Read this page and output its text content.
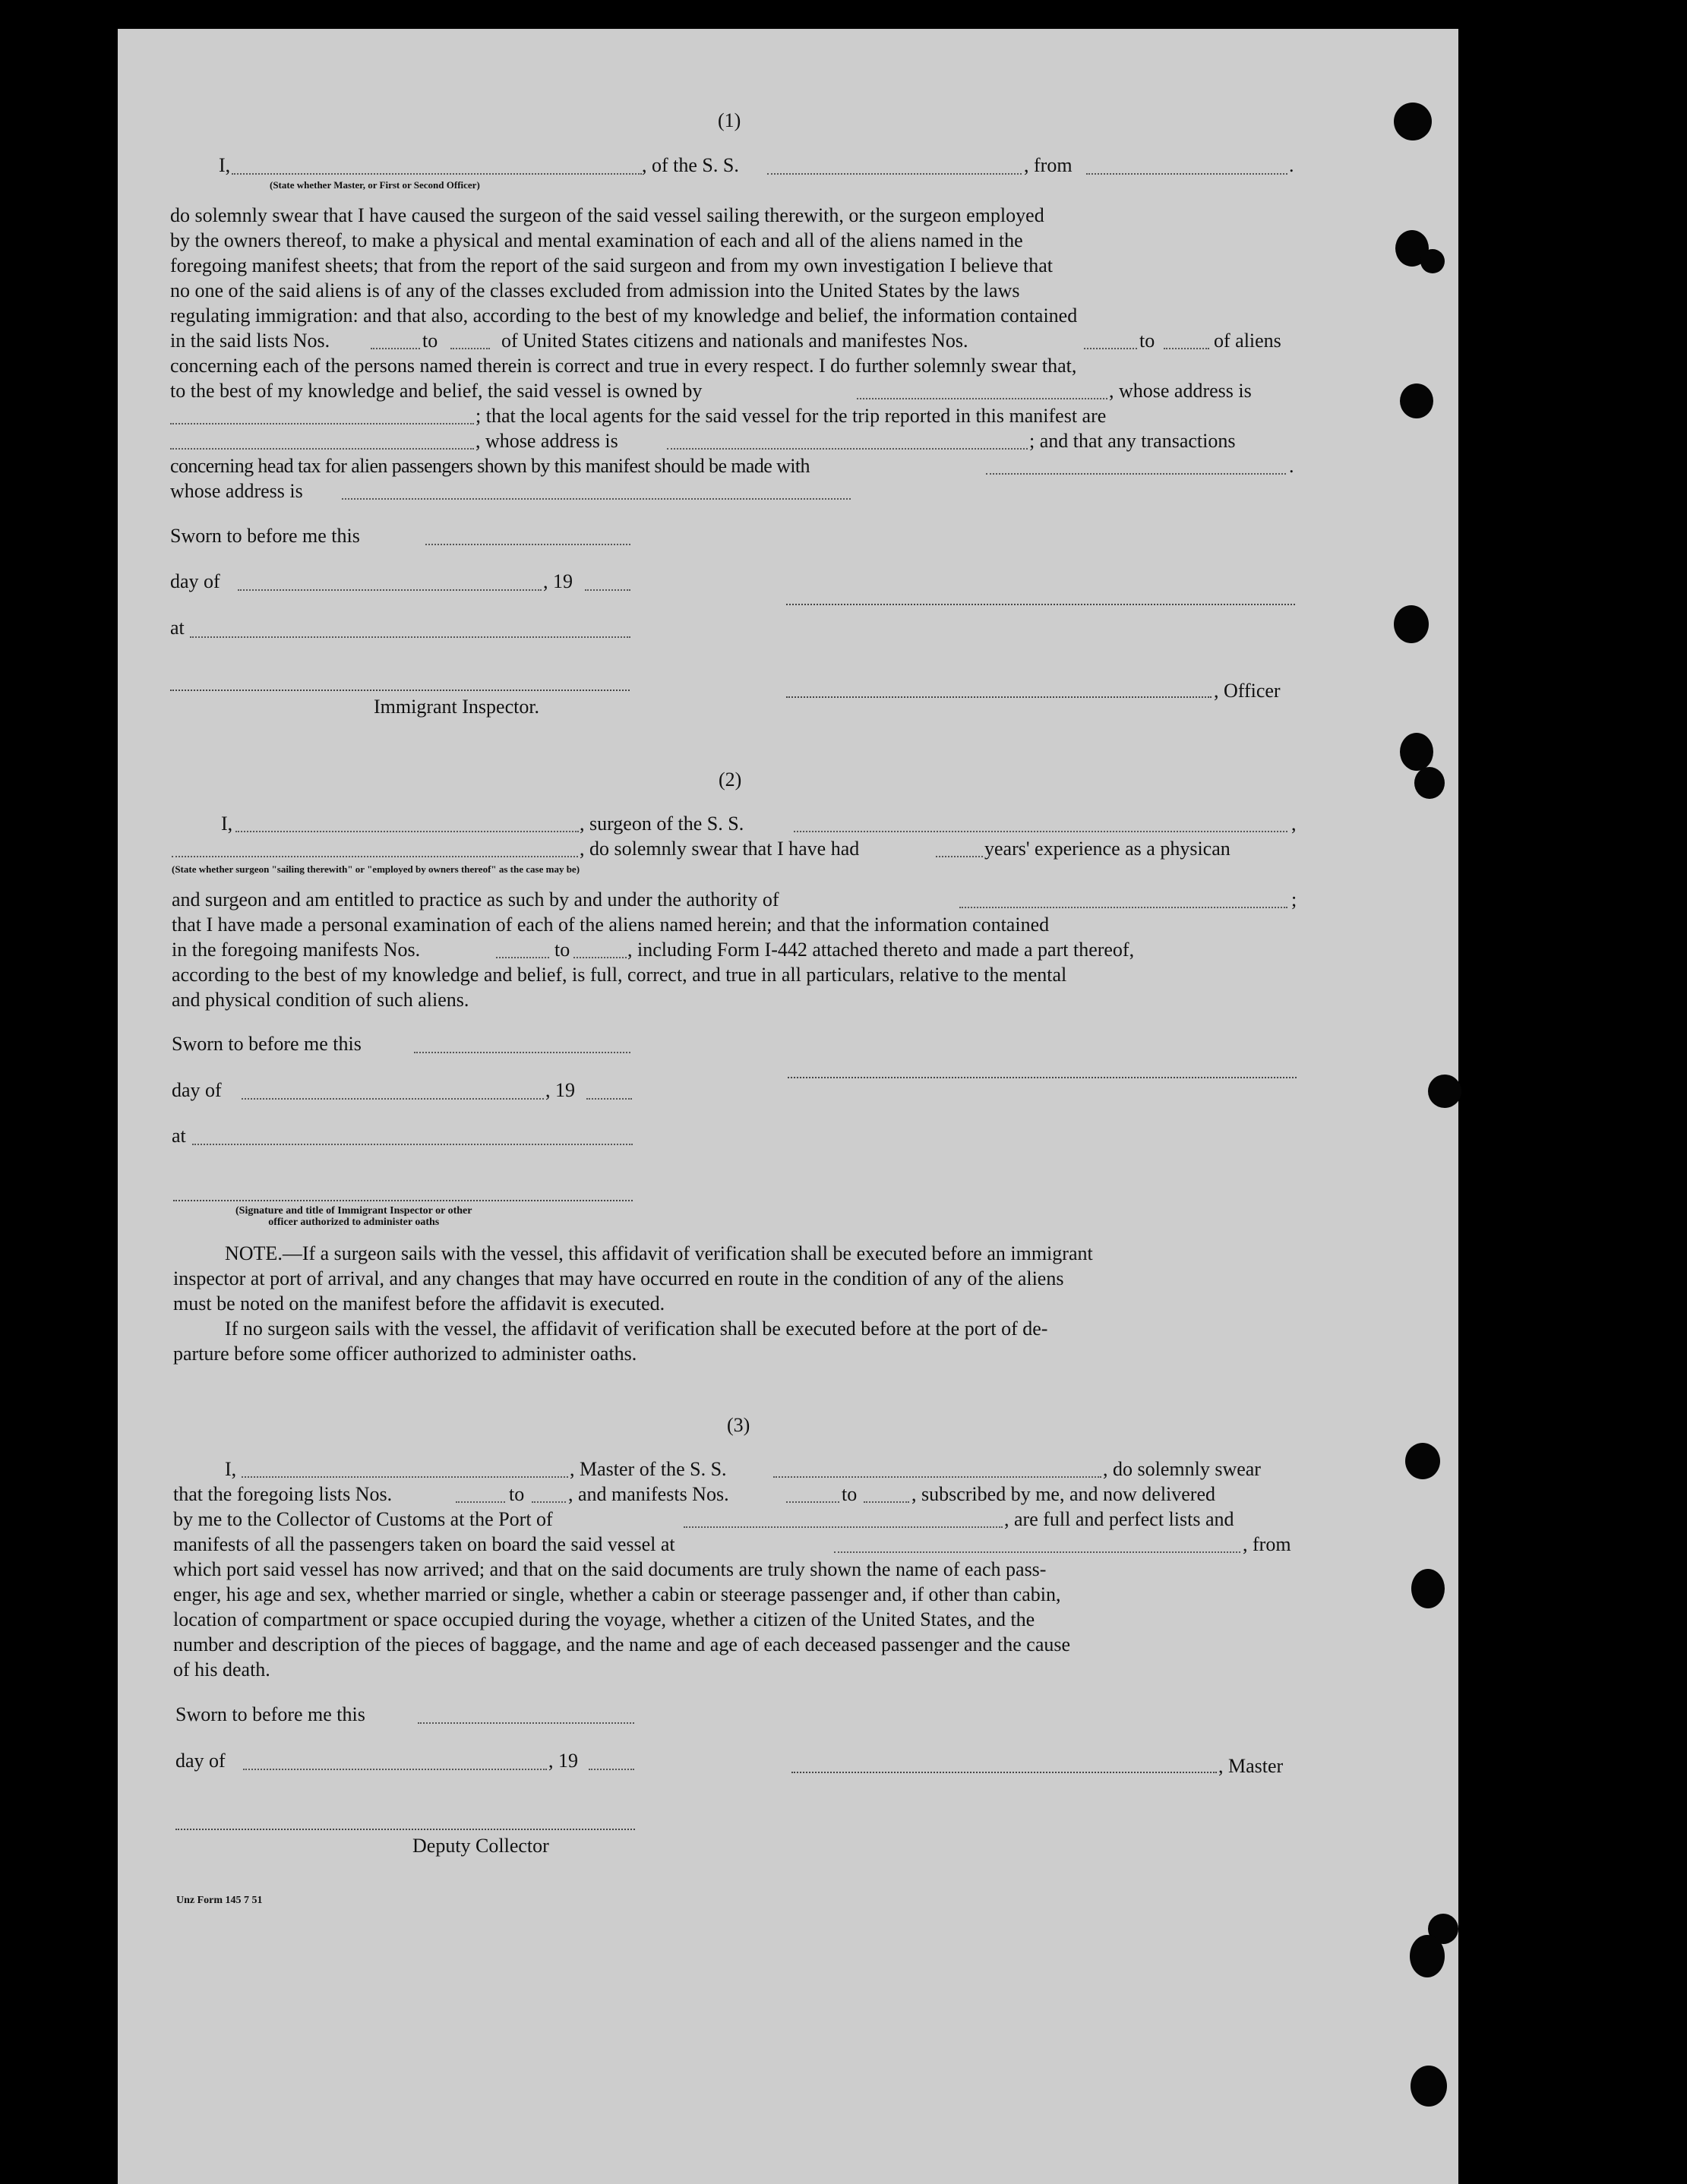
(1)
I,	, of the S. S.	, from	.
(State whether Master, or First or Second Officer)
do solemnly swear that I have caused the surgeon of the said vessel sailing therewith, or the surgeon employed
by the owners thereof, to make a physical and mental examination of each and all of the aliens named in the
foregoing manifest sheets; that from the report of the said surgeon and from my own investigation I believe that
no one of the said aliens is of any of the classes excluded from admission into the United States by the laws
regulating immigration: and that also, according to the best of my knowledge and belief, the information contained
in the said lists Nos.	to	of United States citizens and nationals and manifestes Nos.	to	of aliens
concerning each of the persons named therein is correct and true in every respect. I do further solemnly swear that,
to the best of my knowledge and belief, the said vessel is owned by	, whose address is
; that the local agents for the said vessel for the trip reported in this manifest are
, whose address is	; and that any transactions
concerning head tax for alien passengers shown by this manifest should be made with	.
whose address is
Sworn to before me this
day of	, 19
at
, Officer
Immigrant Inspector.
(2)
I,	, surgeon of the S. S.	,
, do solemnly swear that I have had	years' experience as a physican
(State whether surgeon "sailing therewith" or "employed by owners thereof" as the case may be)
and surgeon and am entitled to practice as such by and under the authority of	;
that I have made a personal examination of each of the aliens named herein; and that the information contained
in the foregoing manifests Nos.	to	, including Form I-442 attached thereto and made a part thereof,
according to the best of my knowledge and belief, is full, correct, and true in all particulars, relative to the mental
and physical condition of such aliens.
Sworn to before me this
day of	, 19
at
(Signature and title of Immigrant Inspector or other
officer authorized to administer oaths
NOTE.—If a surgeon sails with the vessel, this affidavit of verification shall be executed before an immigrant
inspector at port of arrival, and any changes that may have occurred en route in the condition of any of the aliens
must be noted on the manifest before the affidavit is executed.
If no surgeon sails with the vessel, the affidavit of verification shall be executed before at the port of de-
parture before some officer authorized to administer oaths.
(3)
I,	, Master of the S. S.	, do solemnly swear
that the foregoing lists Nos.	to , and manifests Nos.	to	, subscribed by me, and now delivered
by me to the Collector of Customs at the Port of	, are full and perfect lists and
manifests of all the passengers taken on board the said vessel at	, from
which port said vessel has now arrived; and that on the said documents are truly shown the name of each pass-
enger, his age and sex, whether married or single, whether a cabin or steerage passenger and, if other than cabin,
location of compartment or space occupied during the voyage, whether a citizen of the United States, and the
number and description of the pieces of baggage, and the name and age of each deceased passenger and the cause
of his death.
Sworn to before me this
day of	, 19	, Master
Deputy Collector
Unz Form 145 7 51
